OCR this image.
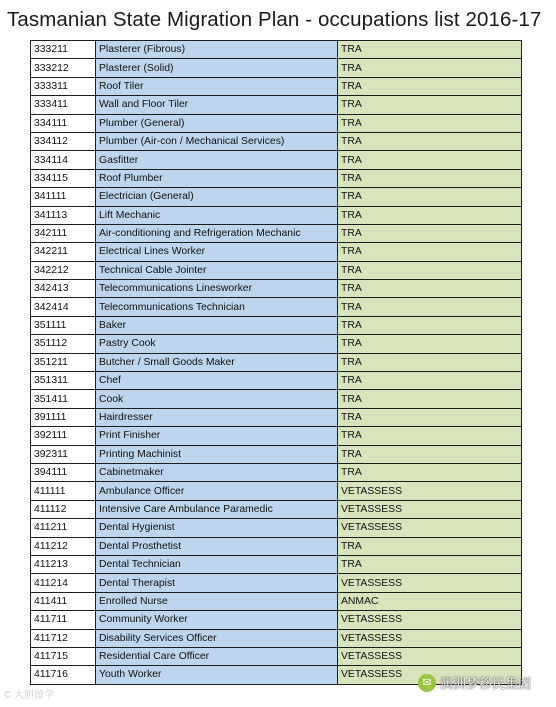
Tasmanian State Migration Plan - occupations list 2016-17
333211	Plasterer (Fibrous)	TRA
333212	Plasterer (Solid)	TRA
333311	Roof Tiler	TRA
333411	Wall and Floor Tiler	TRA
334111	Plumber (General)	TRA
334112	Plumber (Air-con / Mechanical Services)	TRA
334114	Gasfitter	TRA
334115	Roof Plumber	TRA
341111	Electrician (General)	TRA
341113	Lift Mechanic	TRA
342111	Air-conditioning and Refrigeration Mechanic	TRA
342211	Electrical Lines Worker	TRA
342212	Technical Cable Jointer	TRA
342413	Telecommunications Linesworker	TRA
342414	Telecommunications Technician	TRA
351111	Baker	TRA
351112	Pastry Cook	TRA
351211	Butcher / Small Goods Maker	TRA
351311	Chef	TRA
351411	Cook	TRA
391111	Hairdresser	TRA
392111	Print Finisher	TRA
392311	Printing Machinist	TRA
394111	Cabinetmaker	TRA
411111	Ambulance Officer	VETASSESS
411112	Intensive Care Ambulance Paramedic	VETASSESS
411211	Dental Hygienist	VETASSESS
411212	Dental Prosthetist	TRA
411213	Dental Technician	TRA
411214	Dental Therapist	VETASSESS
411411	Enrolled Nurse	ANMAC
411711	Community Worker	VETASSESS
411712	Disability Services Officer	VETASSESS
411715	Residential Care Officer	VETASSESS
411716	Youth Worker	VETASSESS
© 大胆留学
✉ 澳洲梦移民集团
